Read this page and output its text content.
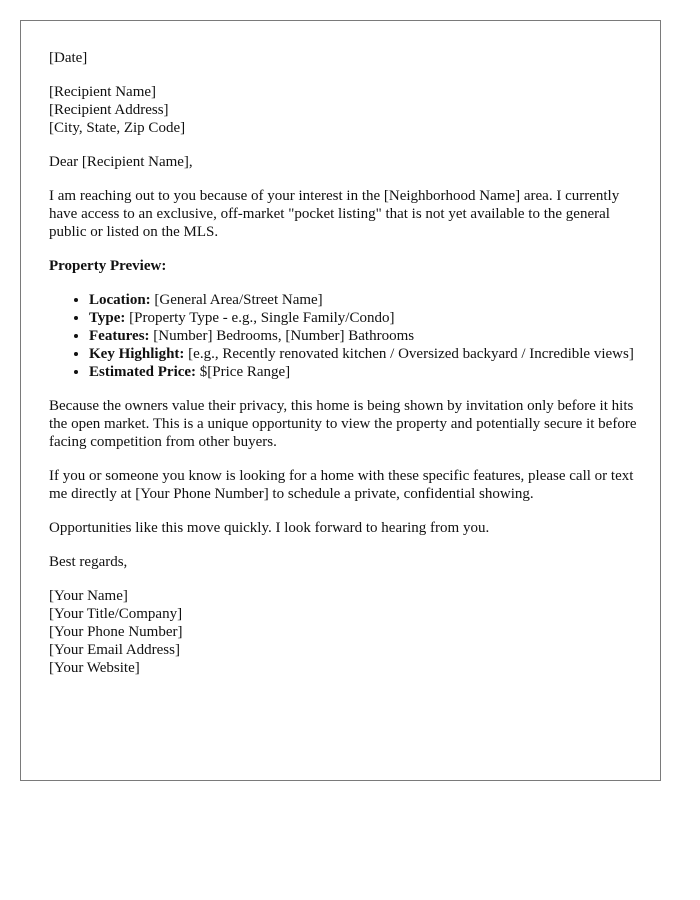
[Date]

[Recipient Name]
[Recipient Address]
[City, State, Zip Code]

Dear [Recipient Name],

I am reaching out to you because of your interest in the [Neighborhood Name] area. I currently have access to an exclusive, off-market "pocket listing" that is not yet available to the general public or listed on the MLS.

Property Preview:

• Location: [General Area/Street Name]
• Type: [Property Type - e.g., Single Family/Condo]
• Features: [Number] Bedrooms, [Number] Bathrooms
• Key Highlight: [e.g., Recently renovated kitchen / Oversized backyard / Incredible views]
• Estimated Price: $[Price Range]

Because the owners value their privacy, this home is being shown by invitation only before it hits the open market. This is a unique opportunity to view the property and potentially secure it before facing competition from other buyers.

If you or someone you know is looking for a home with these specific features, please call or text me directly at [Your Phone Number] to schedule a private, confidential showing.

Opportunities like this move quickly. I look forward to hearing from you.

Best regards,

[Your Name]
[Your Title/Company]
[Your Phone Number]
[Your Email Address]
[Your Website]
